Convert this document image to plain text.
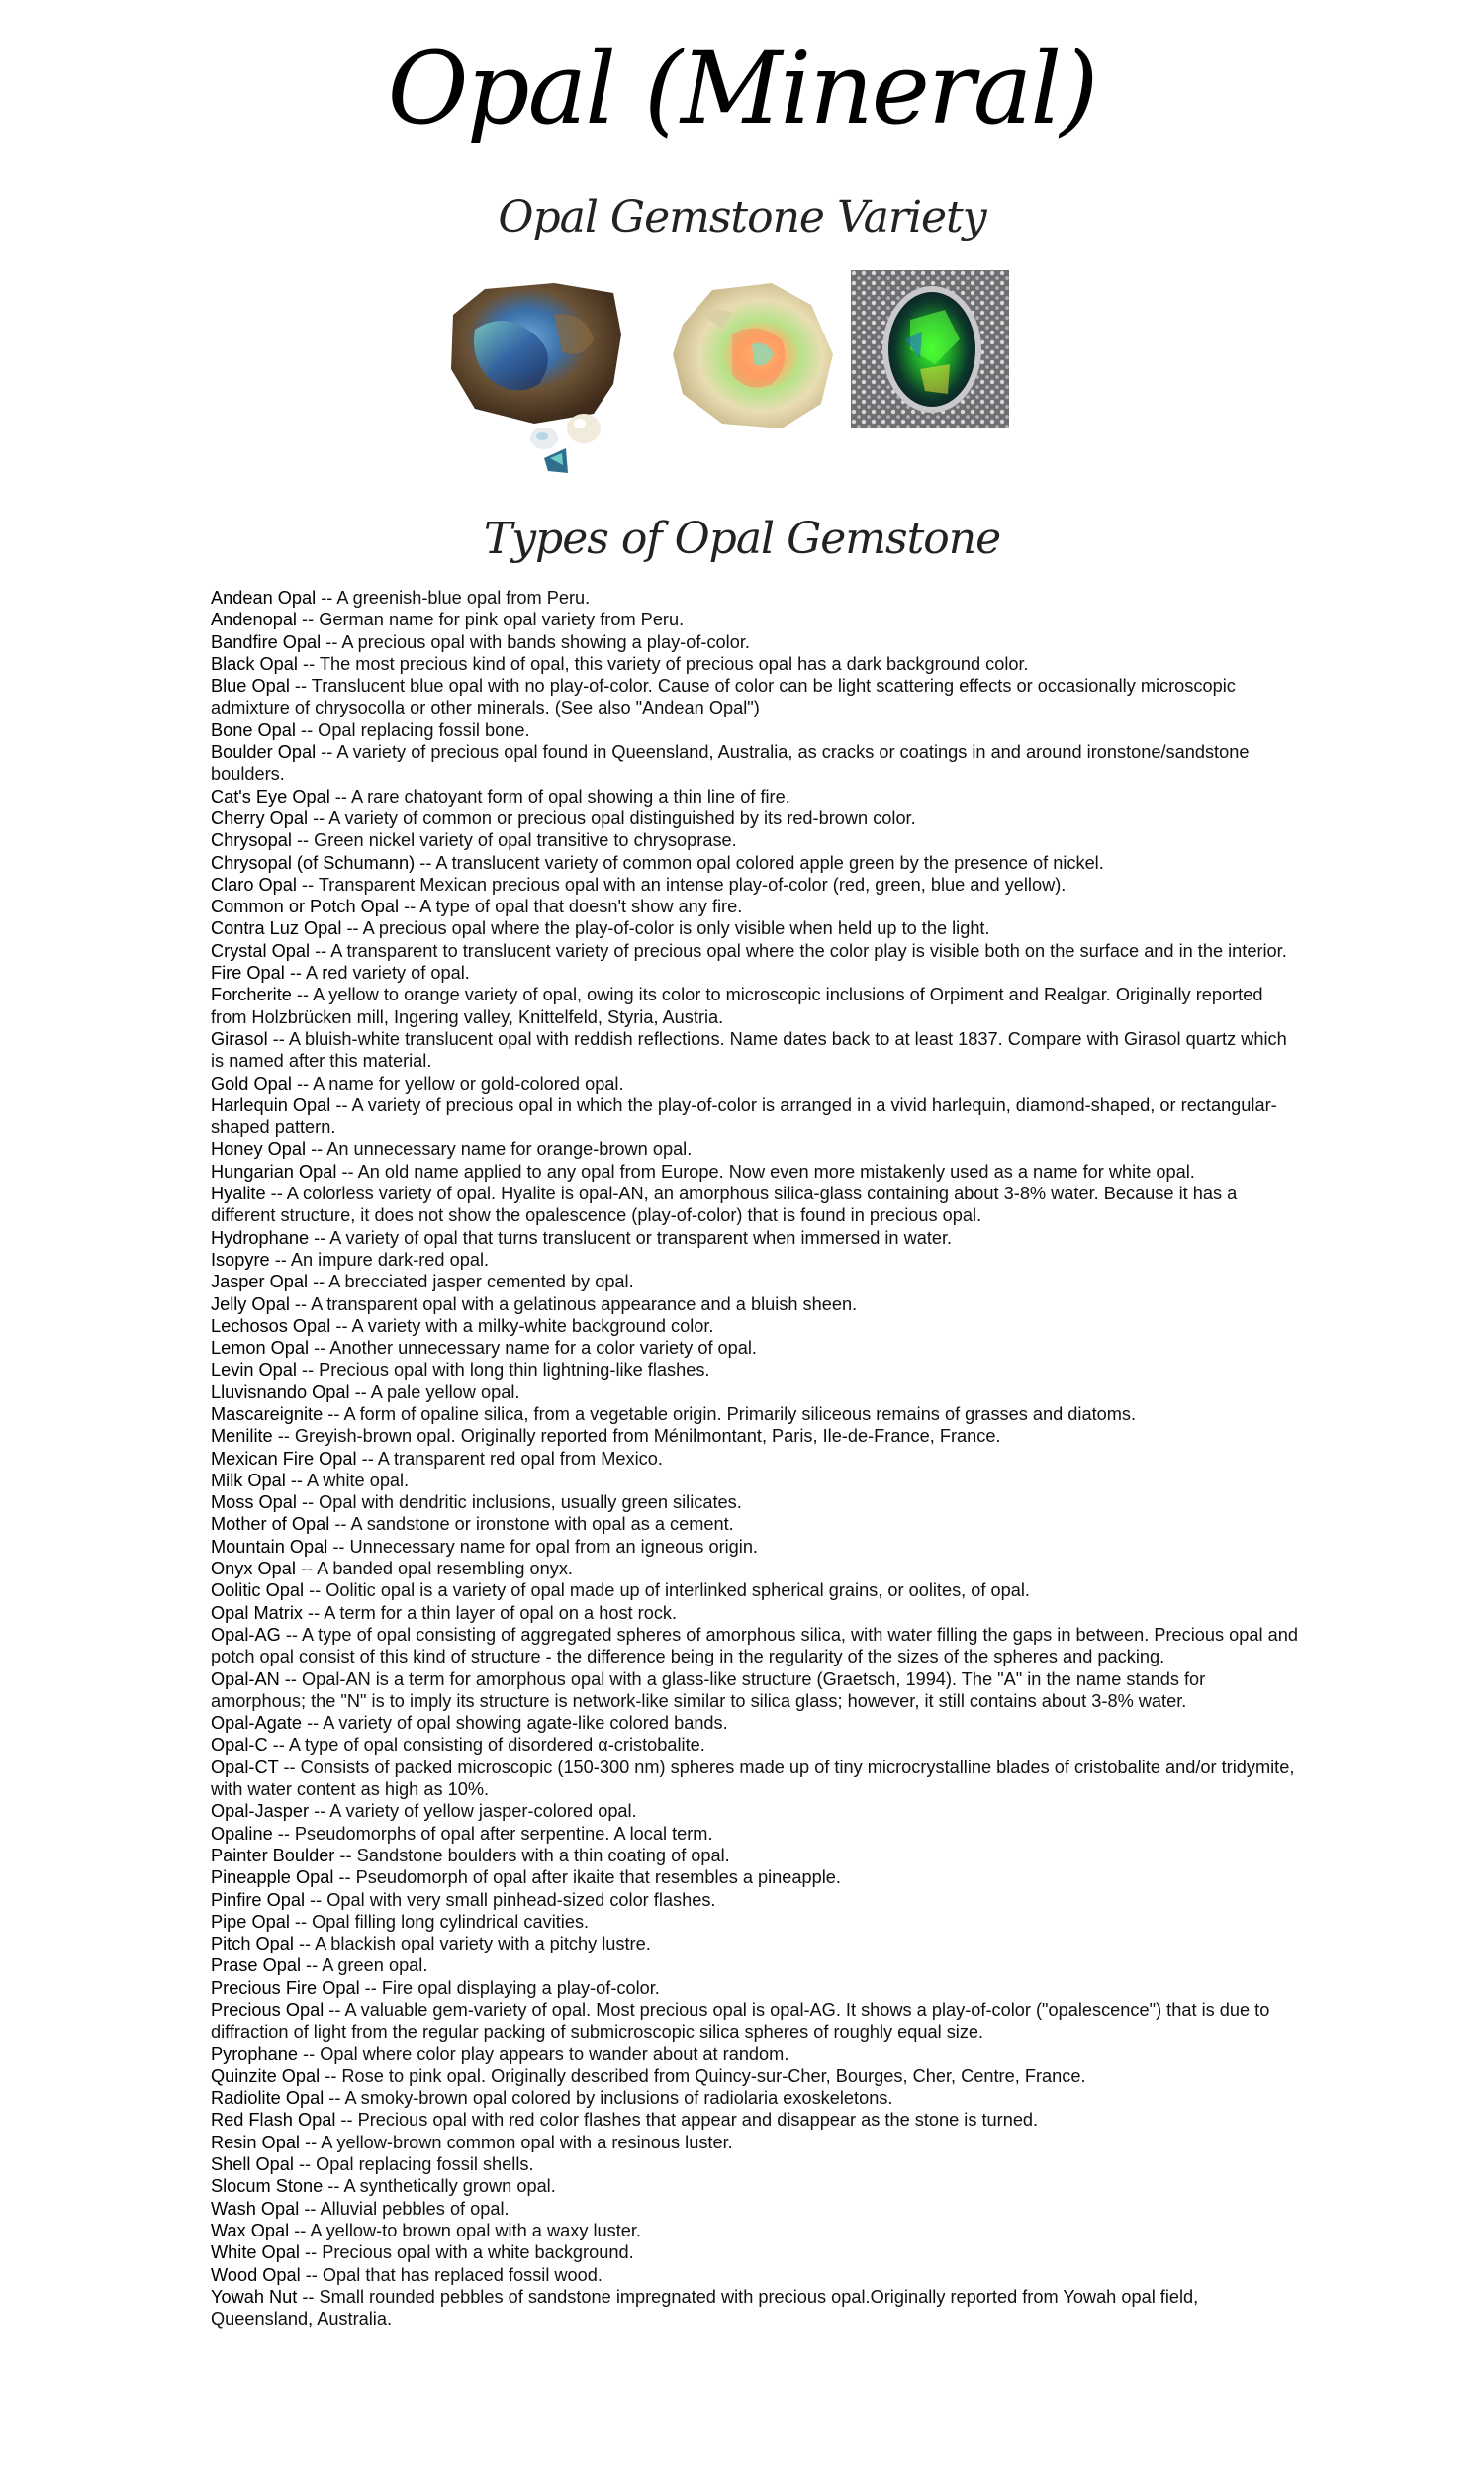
Opal (Mineral)
Opal Gemstone Variety
Types of Opal Gemstone

Andean Opal -- A greenish-blue opal from Peru.

Andenopal -- German name for pink opal variety from Peru.

Bandfire Opal -- A precious opal with bands showing a play-of-color.

Black Opal -- The most precious kind of opal, this variety of precious opal has a dark background color.

Blue Opal -- Translucent blue opal with no play-of-color. Cause of color can be light scattering effects or occasionally microscopic admixture of chrysocolla or other minerals. (See also "Andean Opal")

Bone Opal -- Opal replacing fossil bone.

Boulder Opal -- A variety of precious opal found in Queensland, Australia, as cracks or coatings in and around ironstone/sandstone boulders.

Cat's Eye Opal -- A rare chatoyant form of opal showing a thin line of fire.

Cherry Opal -- A variety of common or precious opal distinguished by its red-brown color.

Chrysopal -- Green nickel variety of opal transitive to chrysoprase.

Chrysopal (of Schumann) -- A translucent variety of common opal colored apple green by the presence of nickel.

Claro Opal -- Transparent Mexican precious opal with an intense play-of-color (red, green, blue and yellow).

Common or Potch Opal -- A type of opal that doesn't show any fire.

Contra Luz Opal -- A precious opal where the play-of-color is only visible when held up to the light.

Crystal Opal -- A transparent to translucent variety of precious opal where the color play is visible both on the surface and in the interior.

Fire Opal -- A red variety of opal.

Forcherite -- A yellow to orange variety of opal, owing its color to microscopic inclusions of Orpiment and Realgar. Originally reported from Holzbrücken mill, Ingering valley, Knittelfeld, Styria, Austria.

Girasol -- A bluish-white translucent opal with reddish reflections. Name dates back to at least 1837. Compare with Girasol quartz which is named after this material.

Gold Opal -- A name for yellow or gold-colored opal.

Harlequin Opal -- A variety of precious opal in which the play-of-color is arranged in a vivid harlequin, diamond-shaped, or rectangular-shaped pattern.

Honey Opal -- An unnecessary name for orange-brown opal.

Hungarian Opal -- An old name applied to any opal from Europe. Now even more mistakenly used as a name for white opal.

Hyalite -- A colorless variety of opal. Hyalite is opal-AN, an amorphous silica-glass containing about 3-8% water. Because it has a different structure, it does not show the opalescence (play-of-color) that is found in precious opal.

Hydrophane -- A variety of opal that turns translucent or transparent when immersed in water.

Isopyre -- An impure dark-red opal.

Jasper Opal -- A brecciated jasper cemented by opal.

Jelly Opal -- A transparent opal with a gelatinous appearance and a bluish sheen.

Lechosos Opal -- A variety with a milky-white background color.

Lemon Opal -- Another unnecessary name for a color variety of opal.

Levin Opal -- Precious opal with long thin lightning-like flashes.

Lluvisnando Opal -- A pale yellow opal.

Mascareignite -- A form of opaline silica, from a vegetable origin. Primarily siliceous remains of grasses and diatoms.

Menilite -- Greyish-brown opal. Originally reported from Ménilmontant, Paris, Ile-de-France, France.

Mexican Fire Opal -- A transparent red opal from Mexico.

Milk Opal -- A white opal.

Moss Opal -- Opal with dendritic inclusions, usually green silicates.

Mother of Opal -- A sandstone or ironstone with opal as a cement.

Mountain Opal -- Unnecessary name for opal from an igneous origin.

Onyx Opal -- A banded opal resembling onyx.

Oolitic Opal -- Oolitic opal is a variety of opal made up of interlinked spherical grains, or oolites, of opal.

Opal Matrix -- A term for a thin layer of opal on a host rock.

Opal-AG -- A type of opal consisting of aggregated spheres of amorphous silica, with water filling the gaps in between. Precious opal and potch opal consist of this kind of structure - the difference being in the regularity of the sizes of the spheres and packing.

Opal-AN -- Opal-AN is a term for amorphous opal with a glass-like structure (Graetsch, 1994). The "A" in the name stands for amorphous; the "N" is to imply its structure is network-like similar to silica glass; however, it still contains about 3-8% water.

Opal-Agate -- A variety of opal showing agate-like colored bands.

Opal-C -- A type of opal consisting of disordered α-cristobalite.

Opal-CT -- Consists of packed microscopic (150-300 nm) spheres made up of tiny microcrystalline blades of cristobalite and/or tridymite, with water content as high as 10%.

Opal-Jasper -- A variety of yellow jasper-colored opal.

Opaline -- Pseudomorphs of opal after serpentine. A local term.

Painter Boulder -- Sandstone boulders with a thin coating of opal.

Pineapple Opal -- Pseudomorph of opal after ikaite that resembles a pineapple.

Pinfire Opal -- Opal with very small pinhead-sized color flashes.

Pipe Opal -- Opal filling long cylindrical cavities.

Pitch Opal -- A blackish opal variety with a pitchy lustre.

Prase Opal -- A green opal.

Precious Fire Opal -- Fire opal displaying a play-of-color.

Precious Opal -- A valuable gem-variety of opal. Most precious opal is opal-AG. It shows a play-of-color ("opalescence") that is due to diffraction of light from the regular packing of submicroscopic silica spheres of roughly equal size.

Pyrophane -- Opal where color play appears to wander about at random.

Quinzite Opal -- Rose to pink opal. Originally described from Quincy-sur-Cher, Bourges, Cher, Centre, France.

Radiolite Opal -- A smoky-brown opal colored by inclusions of radiolaria exoskeletons.

Red Flash Opal -- Precious opal with red color flashes that appear and disappear as the stone is turned.

Resin Opal -- A yellow-brown common opal with a resinous luster.

Shell Opal -- Opal replacing fossil shells.

Slocum Stone -- A synthetically grown opal.

Wash Opal -- Alluvial pebbles of opal.

Wax Opal -- A yellow-to brown opal with a waxy luster.

White Opal -- Precious opal with a white background.

Wood Opal -- Opal that has replaced fossil wood.

Yowah Nut -- Small rounded pebbles of sandstone impregnated with precious opal.Originally reported from Yowah opal field, Queensland, Australia.
